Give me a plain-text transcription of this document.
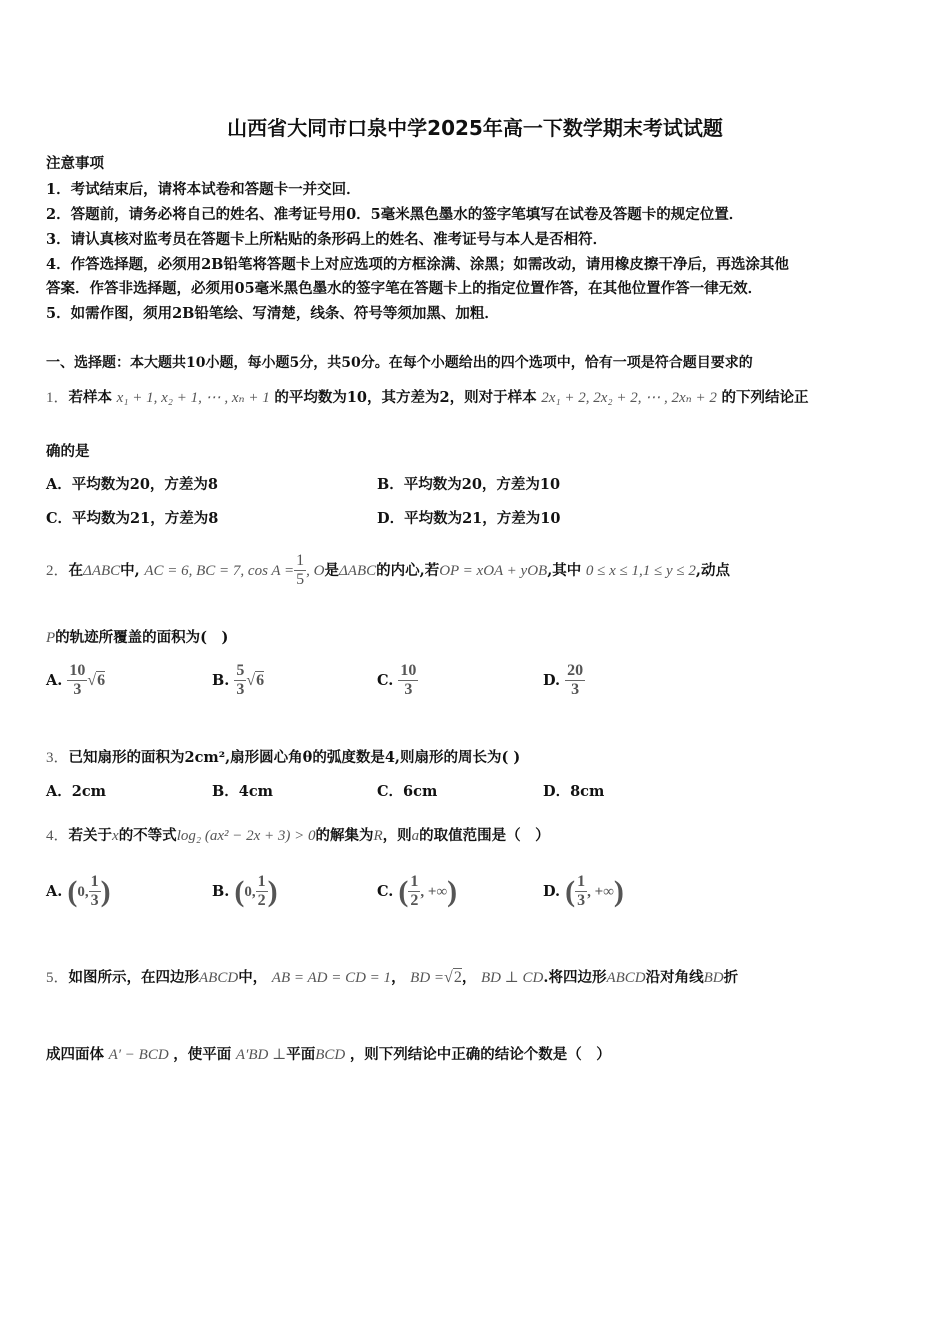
山西省大同市口泉中学2025年高一下数学期末考试试题
注意事项
1．考试结束后，请将本试卷和答题卡一并交回．
2．答题前，请务必将自己的姓名、准考证号用0．5毫米黑色墨水的签字笔填写在试卷及答题卡的规定位置．
3．请认真核对监考员在答题卡上所粘贴的条形码上的姓名、准考证号与本人是否相符．
4．作答选择题，必须用2B铅笔将答题卡上对应选项的方框涂满、涂黑；如需改动，请用橡皮擦干净后，再选涂其他
答案．作答非选择题，必须用05毫米黑色墨水的签字笔在答题卡上的指定位置作答，在其他位置作答一律无效．
5．如需作图，须用2B铅笔绘、写清楚，线条、符号等须加黑、加粗．
一、选择题：本大题共10小题，每小题5分，共50分。在每个小题给出的四个选项中，恰有一项是符合题目要求的
1．若样本 x₁ + 1, x₂ + 1, ⋯ , xₙ + 1 的平均数为10，其方差为2，则对于样本 2x₁ + 2, 2x₂ + 2, ⋯ , 2xₙ + 2 的下列结论正
确的是
A．平均数为20，方差为8	B．平均数为20，方差为10
C．平均数为21，方差为8	D．平均数为21，方差为10
2．在ΔABC中, AC = 6, BC = 7, $\cos A = \frac{1}{5}$ , O是ΔABC的内心,若OP = xOA + yOB,其中 0 ≤ x ≤ 1,1 ≤ y ≤ 2,动点
P的轨迹所覆盖的面积为(　)
A. $\frac{10}{3} √6$	B. $\frac{5}{3} √6$	C. $\frac{10}{3}$	D. $\frac{20}{3}$
3．已知扇形的面积为2cm²,扇形圆心角θ的弧度数是4,则扇形的周长为( )
A．2cm	B．4cm	C．6cm	D．8cm
4．若关于x的不等式log₂ (ax² − 2x + 3) > 0的解集为R，则a的取值范围是（　）
A. (0, $\frac{1}{3}$ )	B. (0, $\frac{1}{2}$ )	C. ( $\frac{1}{2}$ , +∞)	D. ( $\frac{1}{3}$ , +∞)
5．如图所示，在四边形ABCD中， AB = AD = CD = 1， BD =√2， BD ⊥ CD.将四边形ABCD沿对角线BD折
成四面体 A′ − BCD ，使平面 A′BD ⊥平面BCD ，则下列结论中正确的结论个数是（　）
